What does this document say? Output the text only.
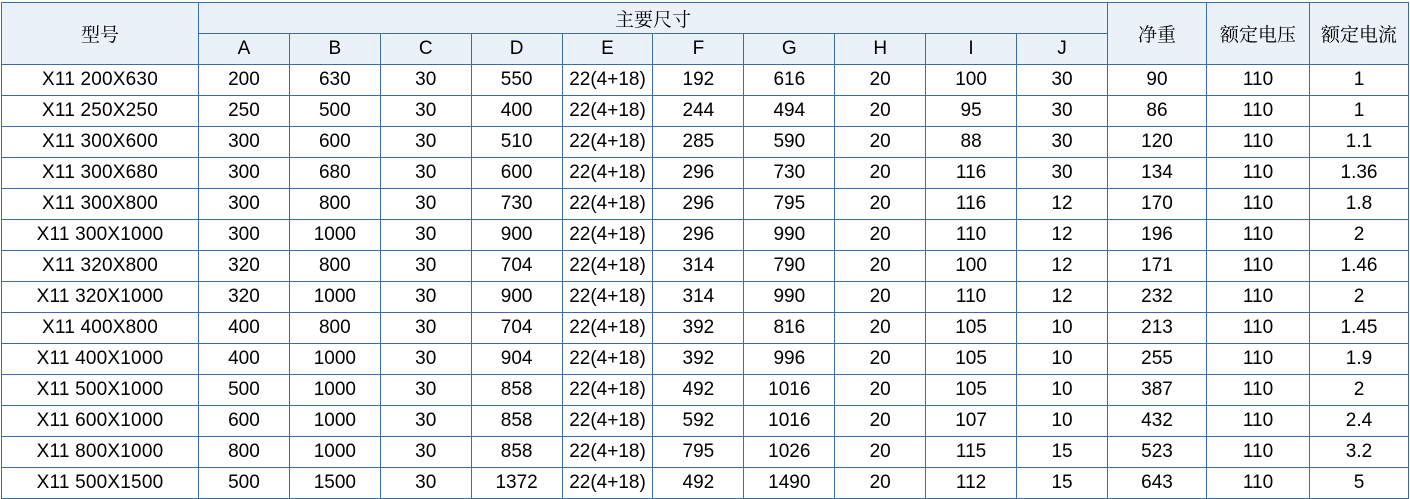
型号	主要尺寸										净重	额定电压	额定电流
	A	B	C	D	E	F	G	H	I	J			
X11 200X630	200	630	30	550	22(4+18)	192	616	20	100	30	90	110	1
X11 250X250	250	500	30	400	22(4+18)	244	494	20	95	30	86	110	1
X11 300X600	300	600	30	510	22(4+18)	285	590	20	88	30	120	110	1.1
X11 300X680	300	680	30	600	22(4+18)	296	730	20	116	30	134	110	1.36
X11 300X800	300	800	30	730	22(4+18)	296	795	20	116	12	170	110	1.8
X11 300X1000	300	1000	30	900	22(4+18)	296	990	20	110	12	196	110	2
X11 320X800	320	800	30	704	22(4+18)	314	790	20	100	12	171	110	1.46
X11 320X1000	320	1000	30	900	22(4+18)	314	990	20	110	12	232	110	2
X11 400X800	400	800	30	704	22(4+18)	392	816	20	105	10	213	110	1.45
X11 400X1000	400	1000	30	904	22(4+18)	392	996	20	105	10	255	110	1.9
X11 500X1000	500	1000	30	858	22(4+18)	492	1016	20	105	10	387	110	2
X11 600X1000	600	1000	30	858	22(4+18)	592	1016	20	107	10	432	110	2.4
X11 800X1000	800	1000	30	858	22(4+18)	795	1026	20	115	15	523	110	3.2
X11 500X1500	500	1500	30	1372	22(4+18)	492	1490	20	112	15	643	110	5
